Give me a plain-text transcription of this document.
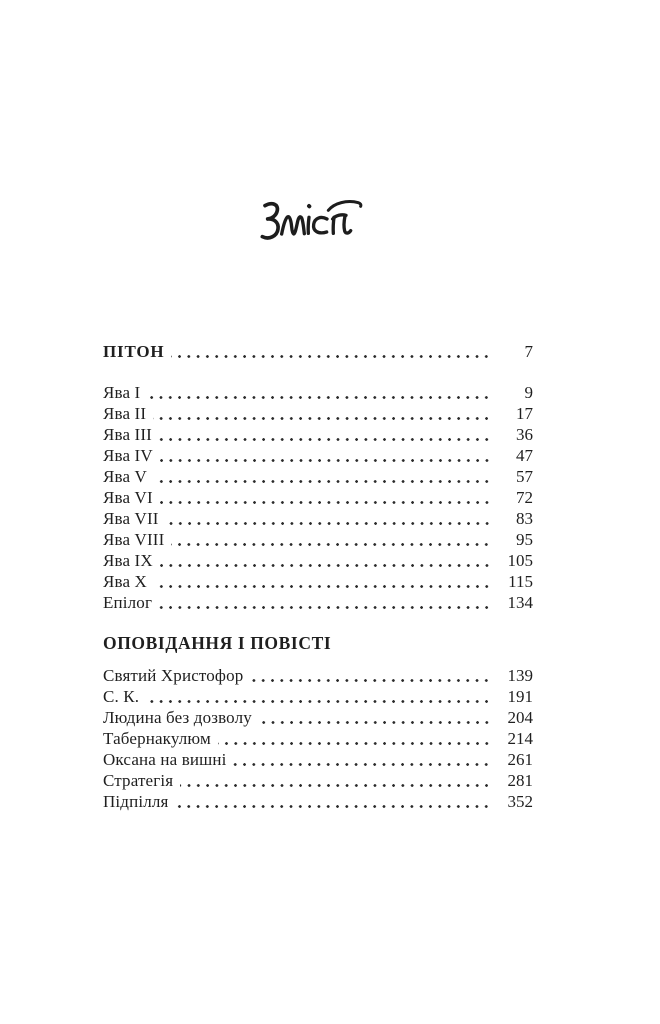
ПІТОН	7
Ява I	9
Ява II	17
Ява III	36
Ява IV	47
Ява V	57
Ява VI	72
Ява VII	83
Ява VIII	95
Ява IX	105
Ява X	115
Епілог	134
ОПОВІДАННЯ І ПОВІСТІ
Святий Христофор	139
С. К.	191
Людина без дозволу	204
Табернакулюм	214
Оксана на вишні	261
Стратегія	281
Підпілля	352
